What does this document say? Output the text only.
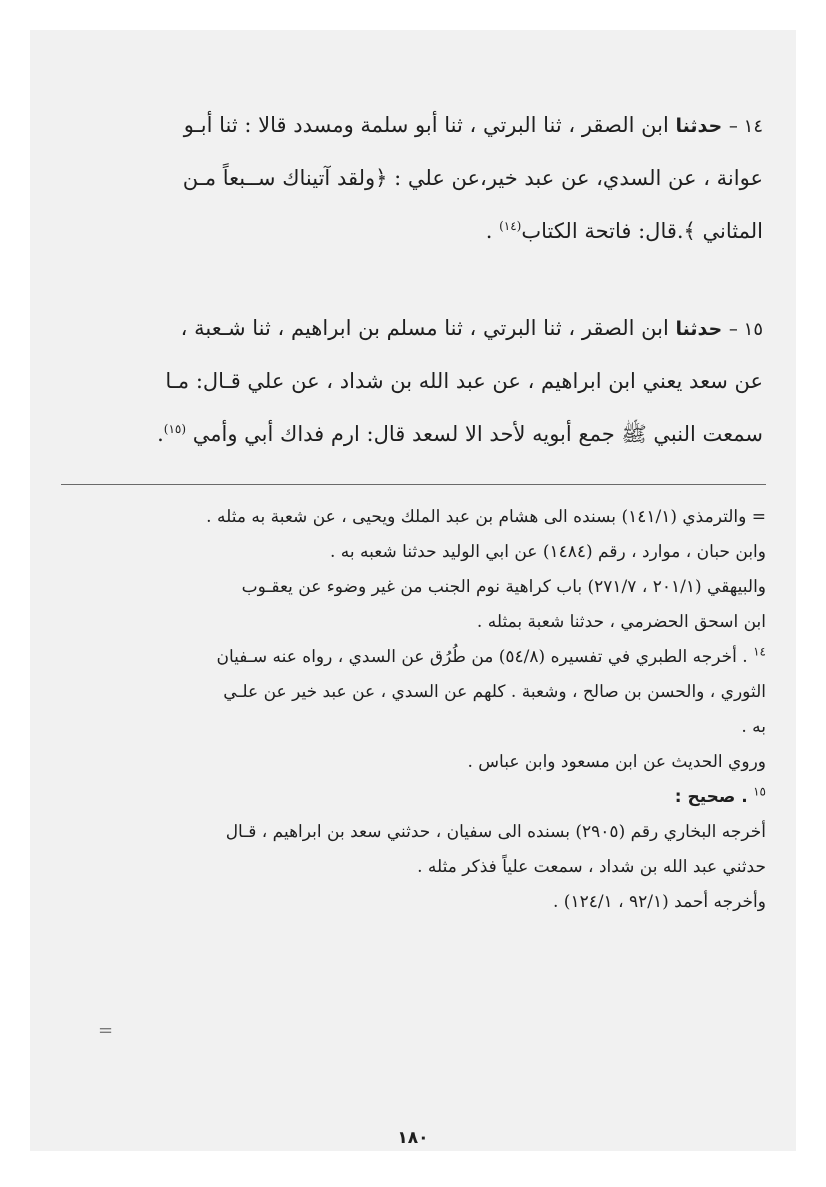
١٤ – حدثنا ابن الصقر ، ثنا البرتي ، ثنا أبو سلمة ومسدد قالا : ثنا أبـو

عوانة ، عن السدي، عن عبد خير،عن علي : ﴿ولقد آتيناك ســبعاً مـن

المثاني ﴾.قال: فاتحة الكتاب$^{(١٤)}$ .

١٥ – حدثنا ابن الصقر ، ثنا البرتي ، ثنا مسلم بن ابراهيم ، ثنا شـعبة ،

عن سعد يعني ابن ابراهيم ، عن عبد الله بن شداد ، عن علي قـال: مـا

سمعت النبي ﷺ جمع أبويه لأحد الا لسعد قال: ارم فداك أبي وأمي $^{(١٥)}$.

= والترمذي (١٤١/١) بسنده الى هشام بن عبد الملك ويحيى ، عن شعبة به مثله .

وابن حبان ، موارد ، رقم (١٤٨٤) عن ابي الوليد حدثنا شعبه به .

والبيهقي (٢٠١/١ ، ٢٧١/٧) باب كراهية نوم الجنب من غير وضوء عن يعقـوب

ابن اسحق الحضرمي ، حدثنا شعبة بمثله .

$^{١٤}$ . أخرجه الطبري في تفسيره (٥٤/٨) من طُرُق عن السدي ، رواه عنه سـفيان

الثوري ، والحسن بن صالح ، وشعبة . كلهم عن السدي ، عن عبد خير عن علـي

به .

وروي الحديث عن ابن مسعود وابن عباس .

$^{١٥}$ . صحيح :

أخرجه البخاري رقم (٢٩٠٥) بسنده الى سفيان ، حدثني سعد بن ابراهيم ، قـال

حدثني عبد الله بن شداد ، سمعت علياً فذكر مثله .

وأخرجه أحمد (٩٢/١ ، ١٢٤/١) .

=
١٨٠
